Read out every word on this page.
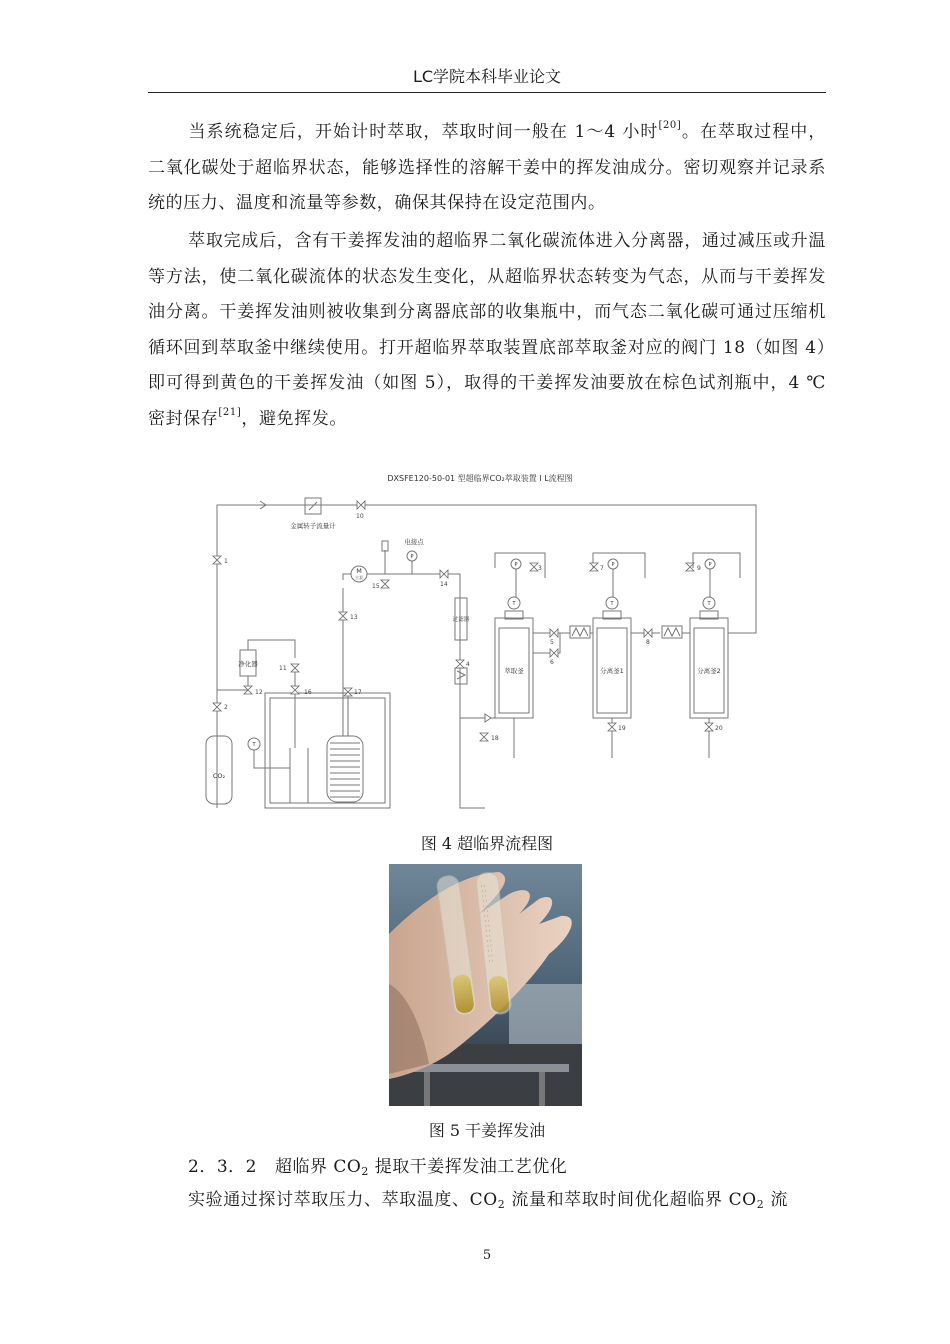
LC学院本科毕业论文

当系统稳定后，开始计时萃取，萃取时间一般在 1～4 小时[20]。在萃取过程中，二氧化碳处于超临界状态，能够选择性的溶解干姜中的挥发油成分。密切观察并记录系统的压力、温度和流量等参数，确保其保持在设定范围内。

萃取完成后，含有干姜挥发油的超临界二氧化碳流体进入分离器，通过减压或升温等方法，使二氧化碳流体的状态发生变化，从超临界状态转变为气态，从而与干姜挥发油分离。干姜挥发油则被收集到分离器底部的收集瓶中，而气态二氧化碳可通过压缩机循环回到萃取釜中继续使用。打开超临界萃取装置底部萃取釜对应的阀门 18（如图 4）即可得到黄色的干姜挥发油（如图 5），取得的干姜挥发油要放在棕色试剂瓶中，4 ℃密封保存[21]，避免挥发。

DXSFE120-50-01 型超临界CO₂萃取装置 I L流程图
1
2
3
4
5
6
7
8
9
10
11
12
13
14
15
16	17
18
19	20
金属转子流量计
电接点
M
主泵
净化器
过滤器
萃取釜	分离釜1	分离釜2
CO₂
P	P	P
P
T	T	T
T
图 4 超临界流程图
图 5 干姜挥发油
2．3．2 超临界 $CO_2$ 提取干姜挥发油工艺优化
实验通过探讨萃取压力、萃取温度、$CO_2$ 流量和萃取时间优化超临界 $CO_2$ 流
5
